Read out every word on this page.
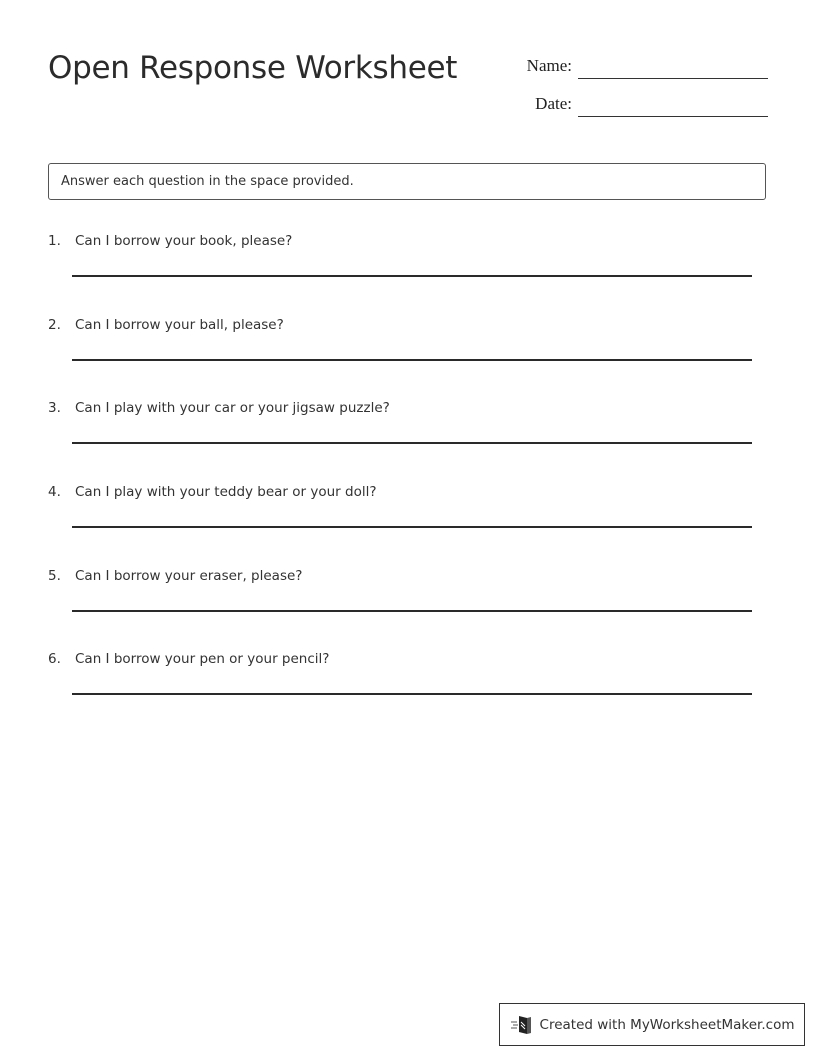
Open Response Worksheet	Name:
Date:
Answer each question in the space provided.
1.	Can I borrow your book, please?
2.	Can I borrow your ball, please?
3.	Can I play with your car or your jigsaw puzzle?
4.	Can I play with your teddy bear or your doll?
5.	Can I borrow your eraser, please?
6.	Can I borrow your pen or your pencil?
Created with MyWorksheetMaker.com
